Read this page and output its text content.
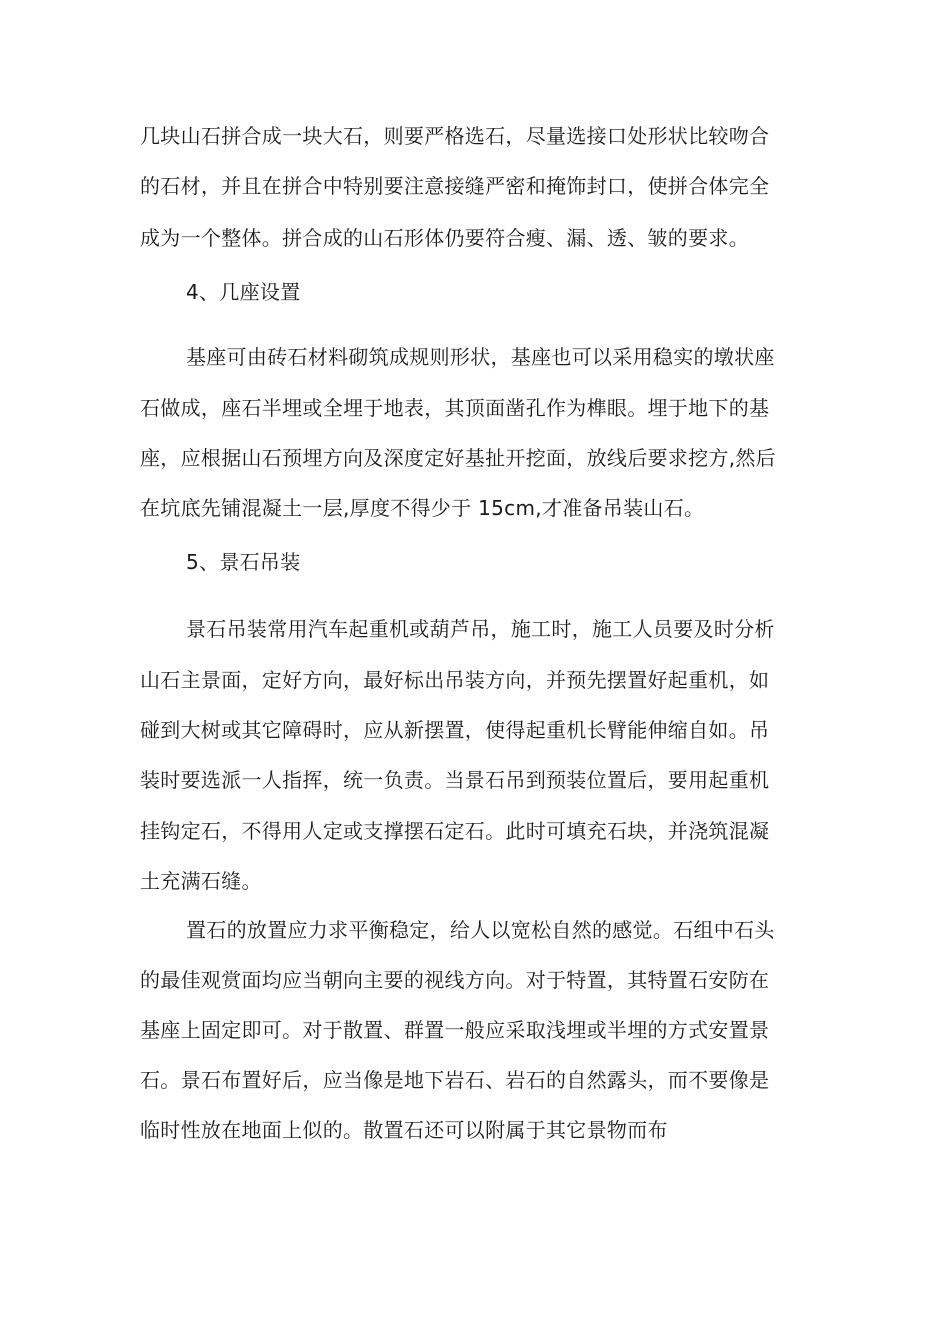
几块山石拼合成一块大石，则要严格选石，尽量选接口处形状比较吻合
的石材，并且在拼合中特别要注意接缝严密和掩饰封口，使拼合体完全
成为一个整体。拼合成的山石形体仍要符合瘦、漏、透、皱的要求。
4、几座设置
基座可由砖石材料砌筑成规则形状，基座也可以采用稳实的墩状座
石做成，座石半埋或全埋于地表，其顶面凿孔作为榫眼。埋于地下的基
座，应根据山石预埋方向及深度定好基扯开挖面，放线后要求挖方,然后
在坑底先铺混凝土一层,厚度不得少于 15cm,才准备吊装山石。
5、景石吊装
景石吊装常用汽车起重机或葫芦吊，施工时，施工人员要及时分析
山石主景面，定好方向，最好标出吊装方向，并预先摆置好起重机，如
碰到大树或其它障碍时，应从新摆置，使得起重机长臂能伸缩自如。吊
装时要选派一人指挥，统一负责。当景石吊到预装位置后，要用起重机
挂钩定石，不得用人定或支撑摆石定石。此时可填充石块，并浇筑混凝
土充满石缝。
置石的放置应力求平衡稳定，给人以宽松自然的感觉。石组中石头
的最佳观赏面均应当朝向主要的视线方向。对于特置，其特置石安防在
基座上固定即可。对于散置、群置一般应采取浅埋或半埋的方式安置景
石。景石布置好后，应当像是地下岩石、岩石的自然露头，而不要像是
临时性放在地面上似的。散置石还可以附属于其它景物而布
